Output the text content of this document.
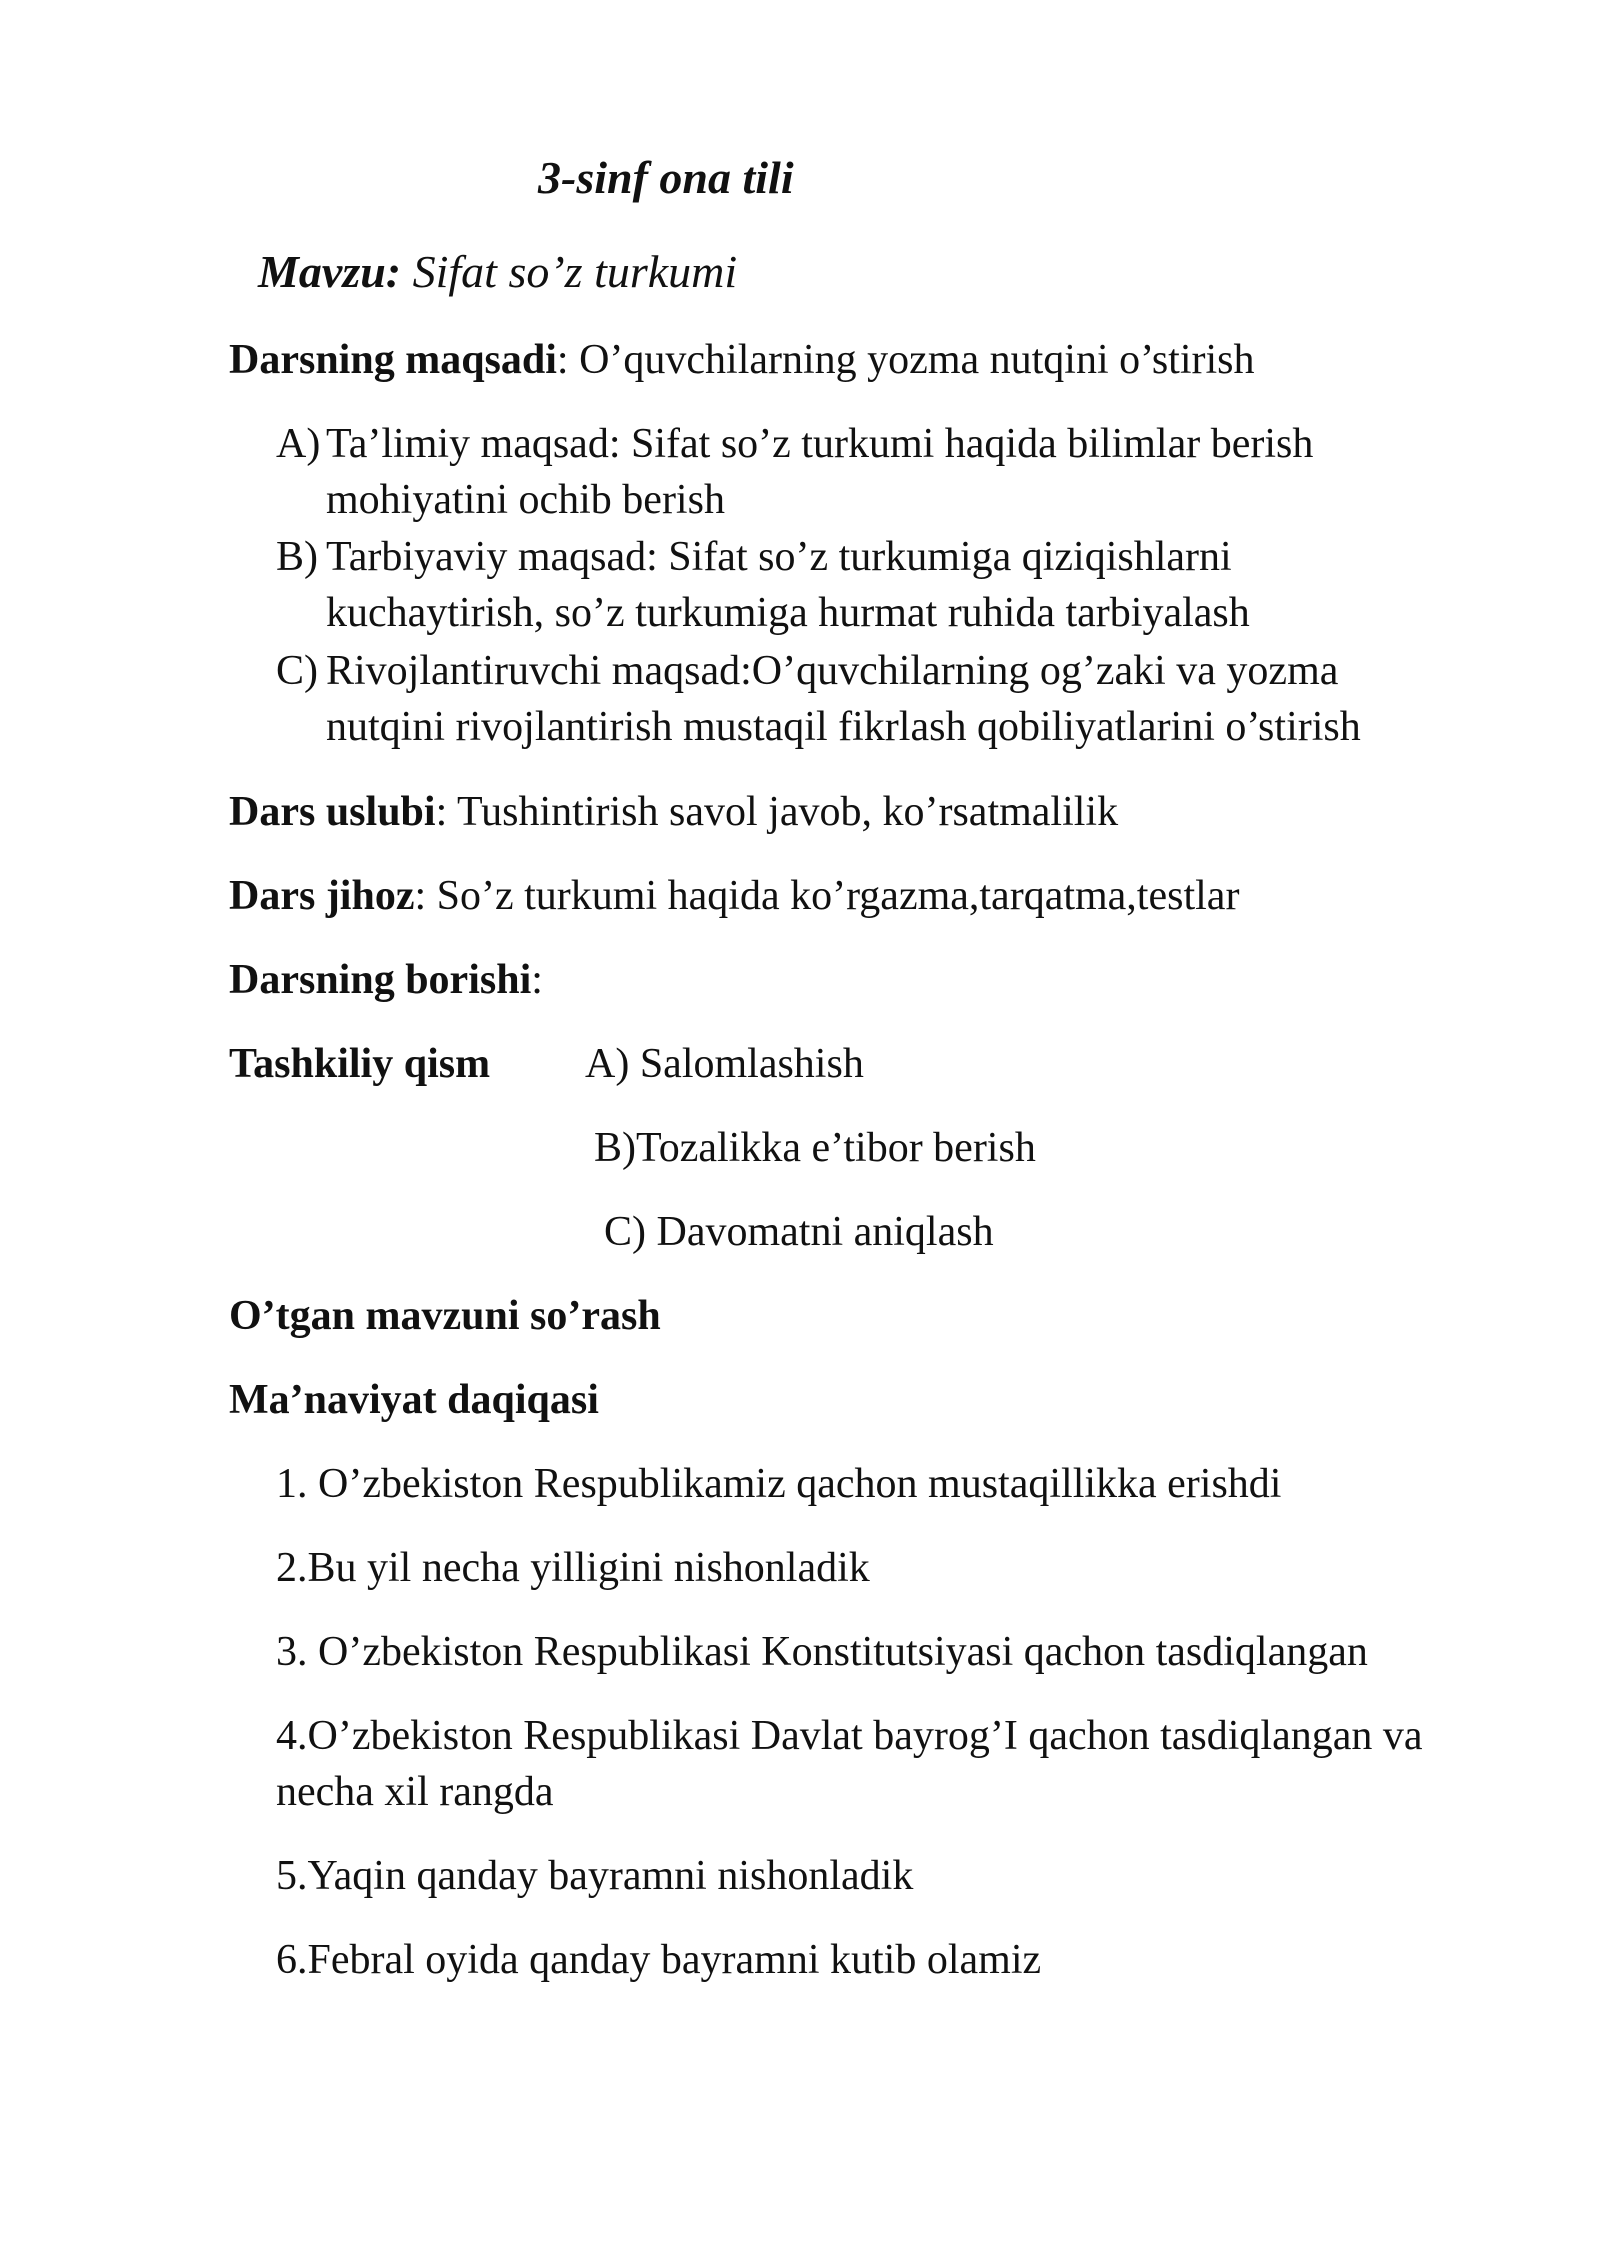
3-sinf ona tili
Mavzu: Sifat so’z turkumi
Darsning maqsadi: O’quvchilarning yozma nutqini o’stirish
A) Ta’limiy maqsad: Sifat so’z turkumi haqida bilimlar berish mohiyatini ochib berish
B) Tarbiyaviy maqsad: Sifat so’z turkumiga qiziqishlarni kuchaytirish, so’z turkumiga hurmat ruhida tarbiyalash
C) Rivojlantiruvchi maqsad:O’quvchilarning og’zaki va yozma nutqini rivojlantirish mustaqil fikrlash qobiliyatlarini o’stirish
Dars uslubi: Tushintirish savol javob, ko’rsatmalilik
Dars jihoz: So’z turkumi haqida ko’rgazma,tarqatma,testlar
Darsning borishi:
Tashkiliy qism A) Salomlashish
B)Tozalikka e’tibor berish
C) Davomatni aniqlash
O’tgan mavzuni so’rash
Ma’naviyat daqiqasi
1. O’zbekiston Respublikamiz qachon mustaqillikka erishdi
2.Bu yil necha yilligini nishonladik
3. O’zbekiston Respublikasi Konstitutsiyasi qachon tasdiqlangan
4.O’zbekiston Respublikasi Davlat bayrog’I qachon tasdiqlangan va necha xil rangda
5.Yaqin qanday bayramni nishonladik
6.Febral oyida qanday bayramni kutib olamiz
